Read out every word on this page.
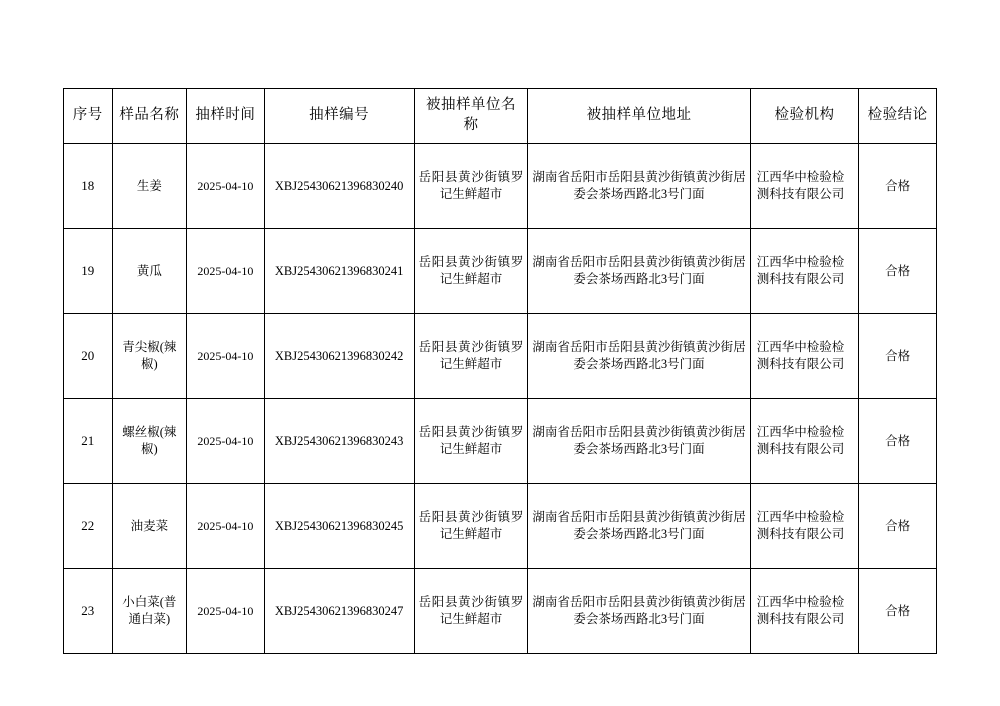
序号	样品名称	抽样时间	抽样编号	被抽样单位名称	被抽样单位地址	检验机构	检验结论
18	生姜	2025-04-10	XBJ25430621396830240	岳阳县黄沙街镇罗记生鲜超市	湖南省岳阳市岳阳县黄沙街镇黄沙街居委会茶场西路北3号门面	江西华中检验检测科技有限公司	合格
19	黄瓜	2025-04-10	XBJ25430621396830241	岳阳县黄沙街镇罗记生鲜超市	湖南省岳阳市岳阳县黄沙街镇黄沙街居委会茶场西路北3号门面	江西华中检验检测科技有限公司	合格
20	青尖椒(辣椒)	2025-04-10	XBJ25430621396830242	岳阳县黄沙街镇罗记生鲜超市	湖南省岳阳市岳阳县黄沙街镇黄沙街居委会茶场西路北3号门面	江西华中检验检测科技有限公司	合格
21	螺丝椒(辣椒)	2025-04-10	XBJ25430621396830243	岳阳县黄沙街镇罗记生鲜超市	湖南省岳阳市岳阳县黄沙街镇黄沙街居委会茶场西路北3号门面	江西华中检验检测科技有限公司	合格
22	油麦菜	2025-04-10	XBJ25430621396830245	岳阳县黄沙街镇罗记生鲜超市	湖南省岳阳市岳阳县黄沙街镇黄沙街居委会茶场西路北3号门面	江西华中检验检测科技有限公司	合格
23	小白菜(普通白菜)	2025-04-10	XBJ25430621396830247	岳阳县黄沙街镇罗记生鲜超市	湖南省岳阳市岳阳县黄沙街镇黄沙街居委会茶场西路北3号门面	江西华中检验检测科技有限公司	合格
